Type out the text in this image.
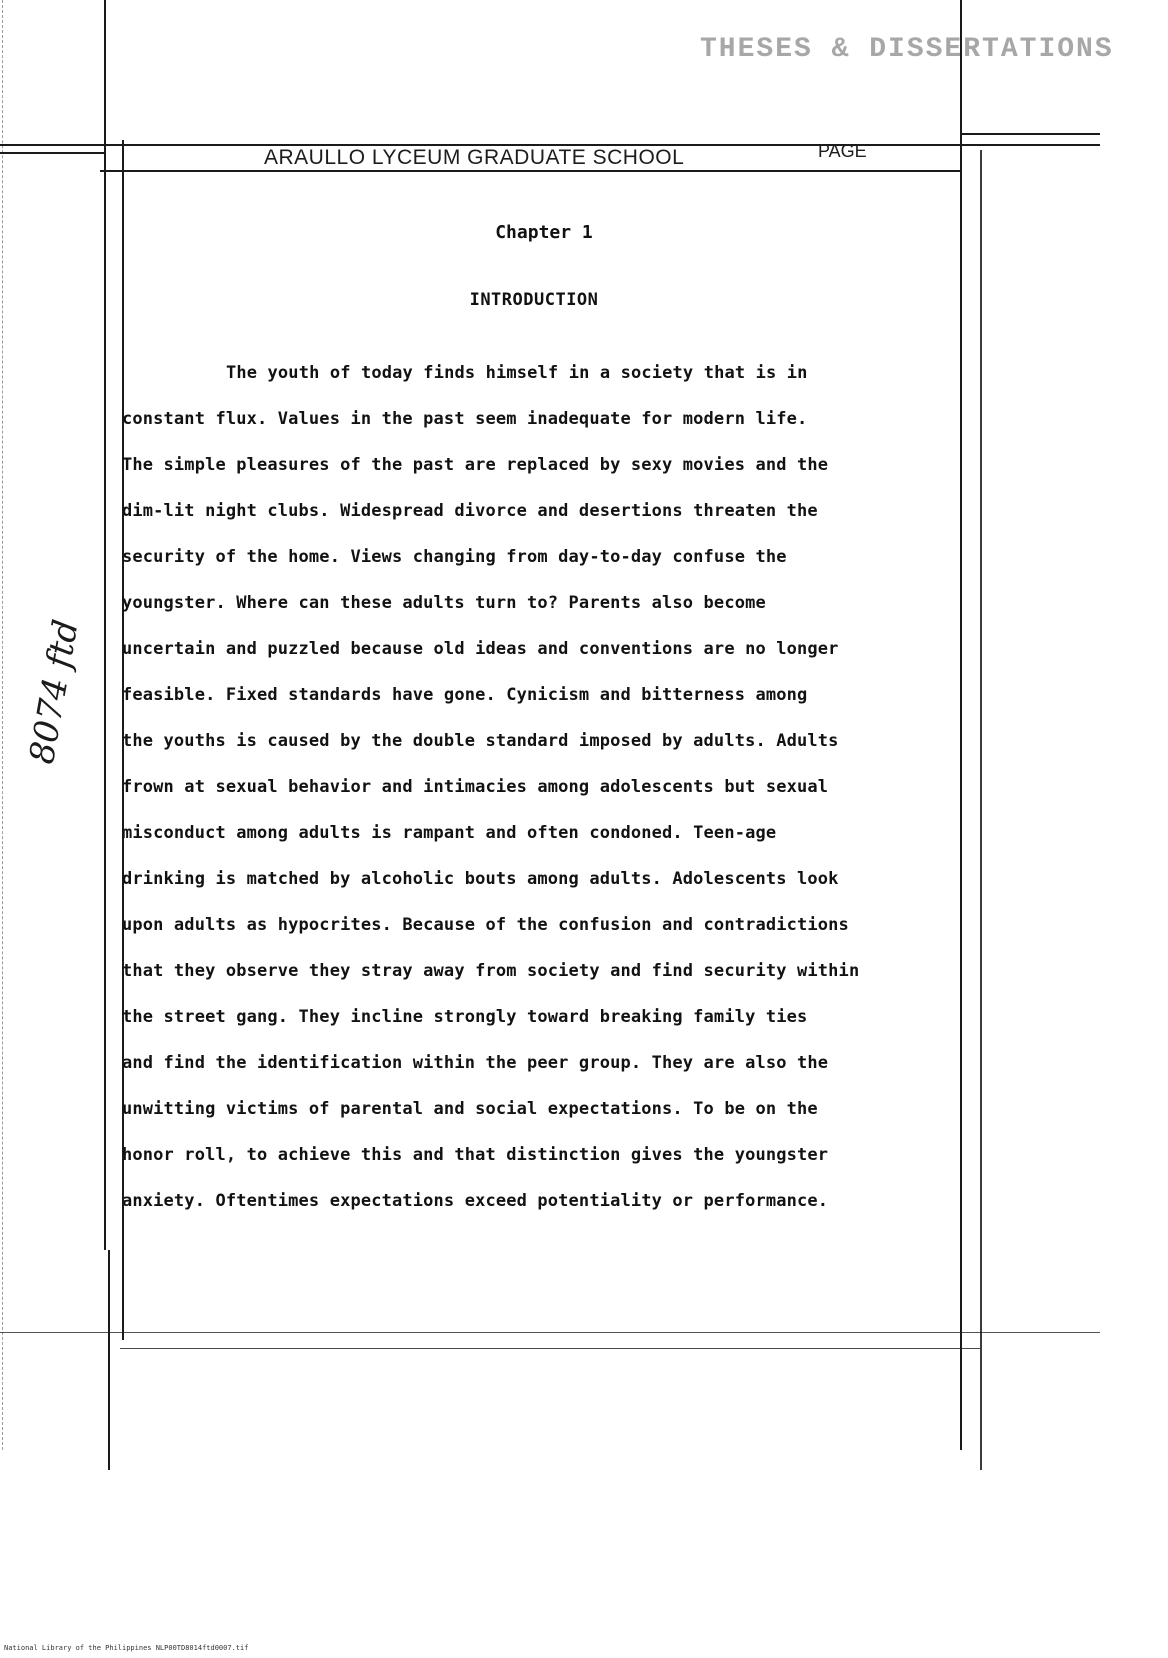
THESES & DISSERTATIONS

ARAULLO LYCEUM GRADUATE SCHOOL	PAGE

Chapter 1

INTRODUCTION

The youth of today finds himself in a society that is in
constant flux. Values in the past seem inadequate for modern life.
The simple pleasures of the past are replaced by sexy movies and the
dim-lit night clubs. Widespread divorce and desertions threaten the
security of the home. Views changing from day-to-day confuse the
youngster. Where can these adults turn to? Parents also become
uncertain and puzzled because old ideas and conventions are no longer
feasible. Fixed standards have gone. Cynicism and bitterness among
the youths is caused by the double standard imposed by adults. Adults
frown at sexual behavior and intimacies among adolescents but sexual
misconduct among adults is rampant and often condoned. Teen-age
drinking is matched by alcoholic bouts among adults. Adolescents look
upon adults as hypocrites. Because of the confusion and contradictions
that they observe they stray away from society and find security within
the street gang. They incline strongly toward breaking family ties
and find the identification within the peer group. They are also the
unwitting victims of parental and social expectations. To be on the
honor roll, to achieve this and that distinction gives the youngster
anxiety. Oftentimes expectations exceed potentiality or performance.
8074 ftd

National Library of the Philippines NLP00TD8014ftd0007.tif
